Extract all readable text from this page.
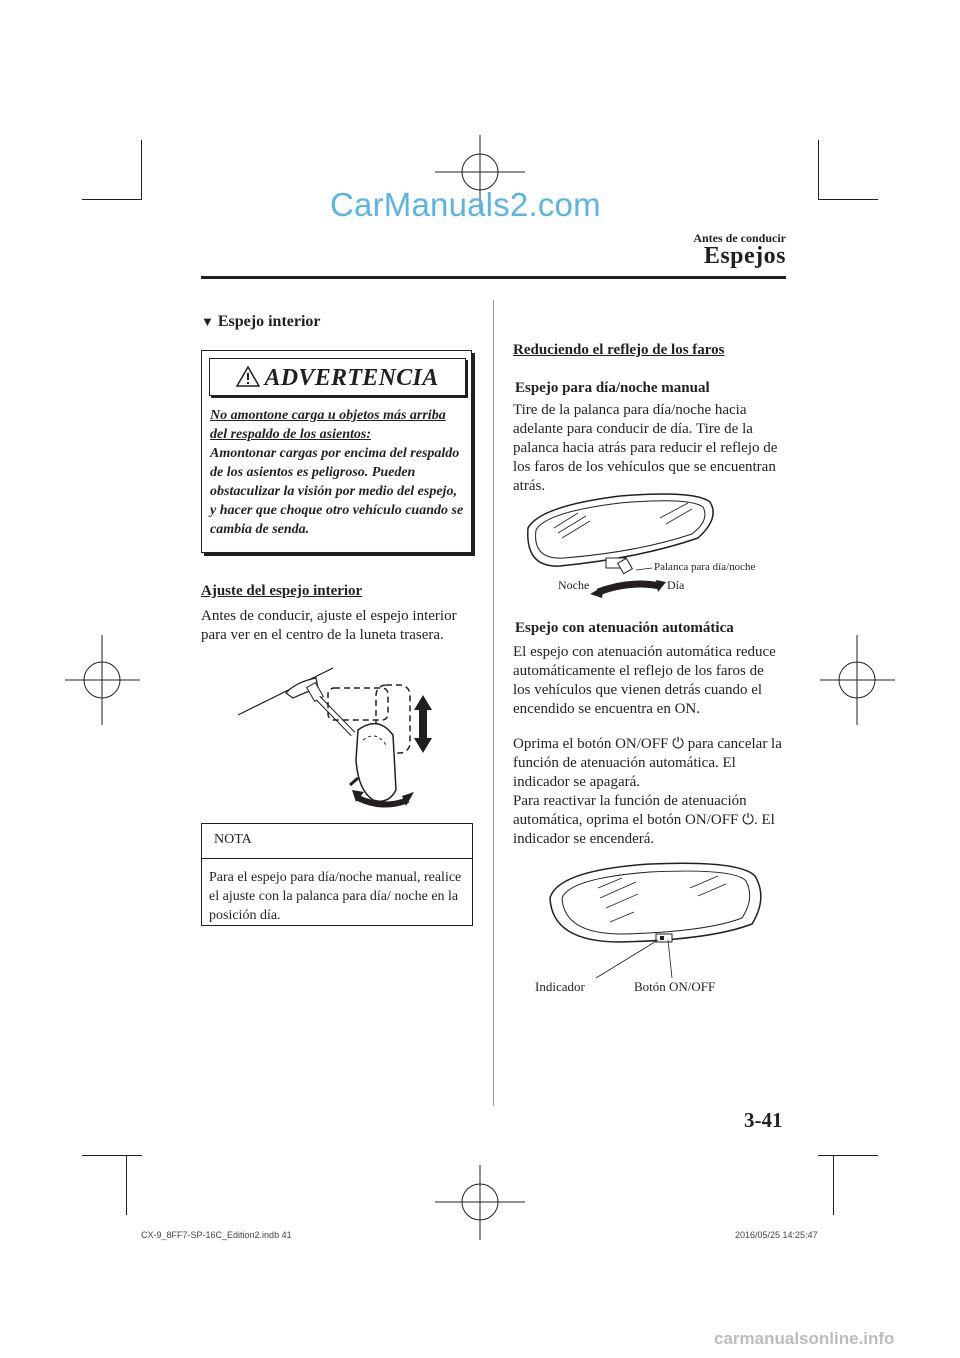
CarManuals2.com
Antes de conducir
Espejos
▼ Espejo interior
ADVERTENCIA
No amontone carga u objetos más arriba del respaldo de los asientos:
Amontonar cargas por encima del respaldo de los asientos es peligroso. Pueden obstaculizar la visión por medio del espejo, y hacer que choque otro vehículo cuando se cambia de senda.
Ajuste del espejo interior
Antes de conducir, ajuste el espejo interior para ver en el centro de la luneta trasera.
NOTA
Para el espejo para día/noche manual, realice el ajuste con la palanca para día/ noche en la posición día.
Reduciendo el reflejo de los faros
Espejo para día/noche manual
Tire de la palanca para día/noche hacia adelante para conducir de día. Tire de la palanca hacia atrás para reducir el reflejo de los faros de los vehículos que se encuentran atrás.
Palanca para día/noche
Noche	Día
Espejo con atenuación automática
El espejo con atenuación automática reduce automáticamente el reflejo de los faros de los vehículos que vienen detrás cuando el encendido se encuentra en ON.
Oprima el botón ON/OFF ⏻ para cancelar la función de atenuación automática. El indicador se apagará.
Para reactivar la función de atenuación automática, oprima el botón ON/OFF ⏻. El indicador se encenderá.
Indicador	Botón ON/OFF
3-41
CX-9_8FF7-SP-16C_Edition2.indb 41	2016/05/25 14:25:47
carmanualsonline.info
